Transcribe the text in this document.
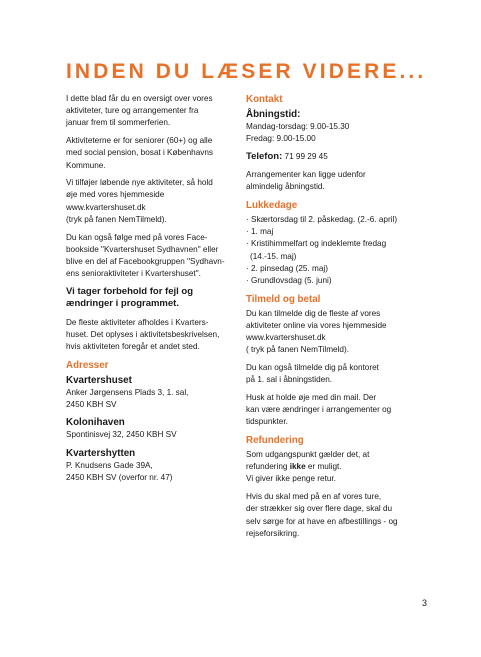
INDEN DU LÆSER VIDERE...
I dette blad får du en oversigt over vores
aktiviteter, ture og arrangementer fra
januar frem til sommerferien.
Aktiviteterne er for seniorer (60+) og alle
med social pension, bosat i Københavns
Kommune.
Vi tilføjer løbende nye aktiviteter, så hold
øje med vores hjemmeside
www.kvartershuset.dk
(tryk på fanen NemTilmeld).
Du kan også følge med på vores Face-
bookside "Kvartershuset Sydhavnen" eller
blive en del af Facebookgruppen "Sydhavn-
ens senioraktiviteter i Kvartershuset".
Vi tager forbehold for fejl og
ændringer i programmet.
De fleste aktiviteter afholdes i Kvarters-
huset. Det oplyses i aktivitetsbeskrivelsen,
hvis aktiviteten foregår et andet sted.
Adresser
Kvartershuset
Anker Jørgensens Plads 3, 1. sal,
2450 KBH SV
Kolonihaven
Spontinisvej 32, 2450 KBH SV
Kvartershytten
P. Knudsens Gade 39A,
2450 KBH SV (overfor nr. 47)
Kontakt
Åbningstid:
Mandag-torsdag: 9.00-15.30
Fredag: 9.00-15.00
Telefon: 71 99 29 45
Arrangementer kan ligge udenfor
almindelig åbningstid.
Lukkedage
· Skærtorsdag til 2. påskedag. (2.-6. april)
· 1. maj
· Kristihimmelfart og indeklemte fredag
(14.-15. maj)
· 2. pinsedag (25. maj)
· Grundlovsdag (5. juni)
Tilmeld og betal
Du kan tilmelde dig de fleste af vores
aktiviteter online via vores hjemmeside
www.kvartershuset.dk
( tryk på fanen NemTilmeld).
Du kan også tilmelde dig på kontoret
på 1. sal i åbningstiden.
Husk at holde øje med din mail. Der
kan være ændringer i arrangementer og
tidspunkter.
Refundering
Som udgangspunkt gælder det, at
refundering ikke er muligt.
Vi giver ikke penge retur.
Hvis du skal med på en af vores ture,
der strækker sig over flere dage, skal du
selv sørge for at have en afbestillings - og
rejseforsikring.
3
